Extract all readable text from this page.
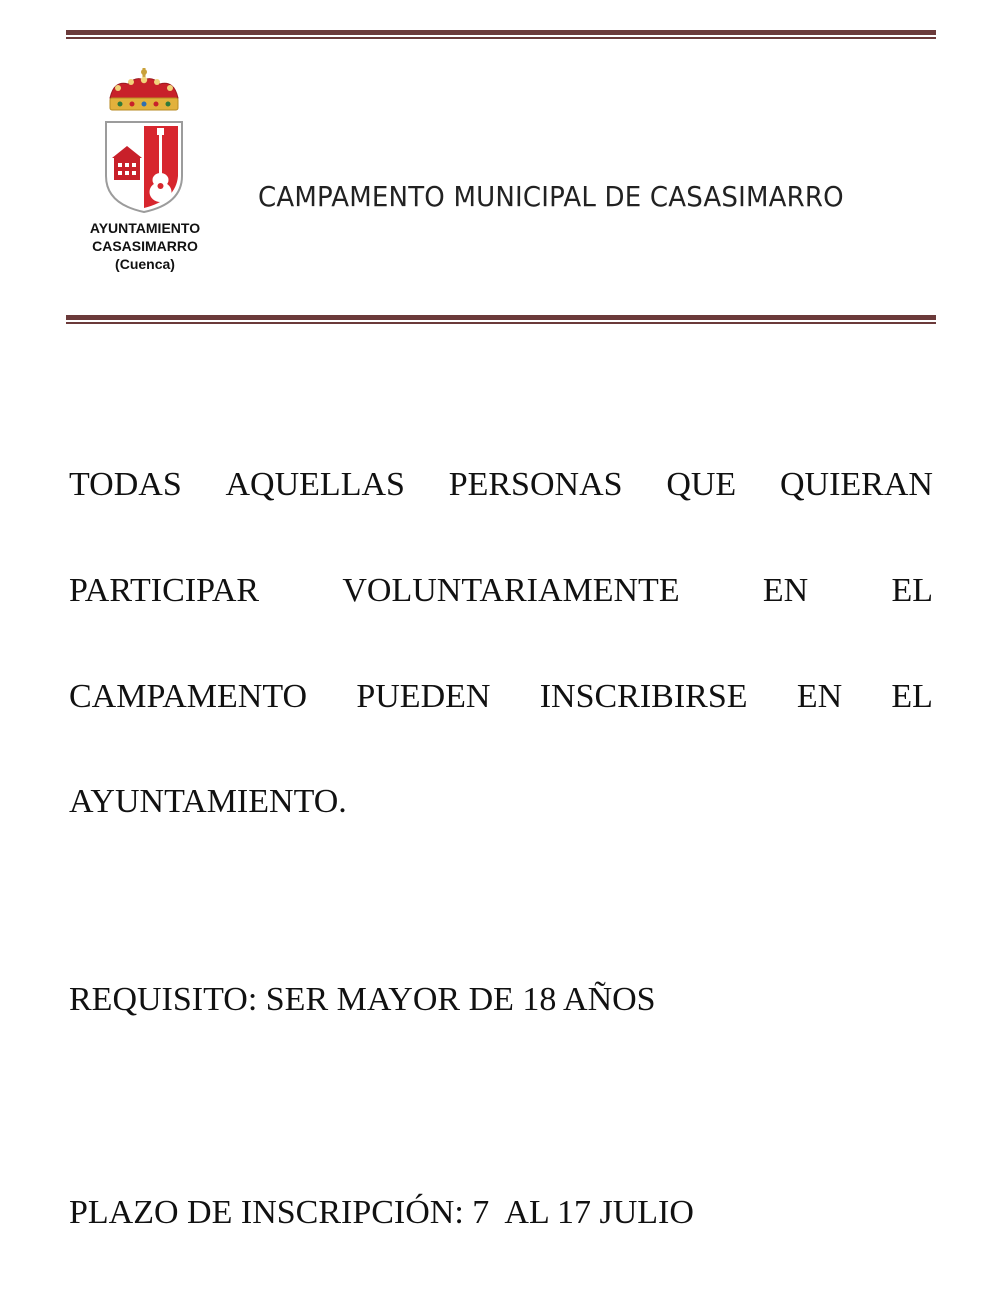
AYUNTAMIENTO
CASASIMARRO
(Cuenca)
CAMPAMENTO MUNICIPAL DE CASASIMARRO
TODAS AQUELLAS PERSONAS QUE QUIERAN
PARTICIPAR VOLUNTARIAMENTE EN EL
CAMPAMENTO PUEDEN INSCRIBIRSE EN EL
AYUNTAMIENTO.
REQUISITO: SER MAYOR DE 18 AÑOS
PLAZO DE INSCRIPCIÓN: 7  AL 17 JULIO
